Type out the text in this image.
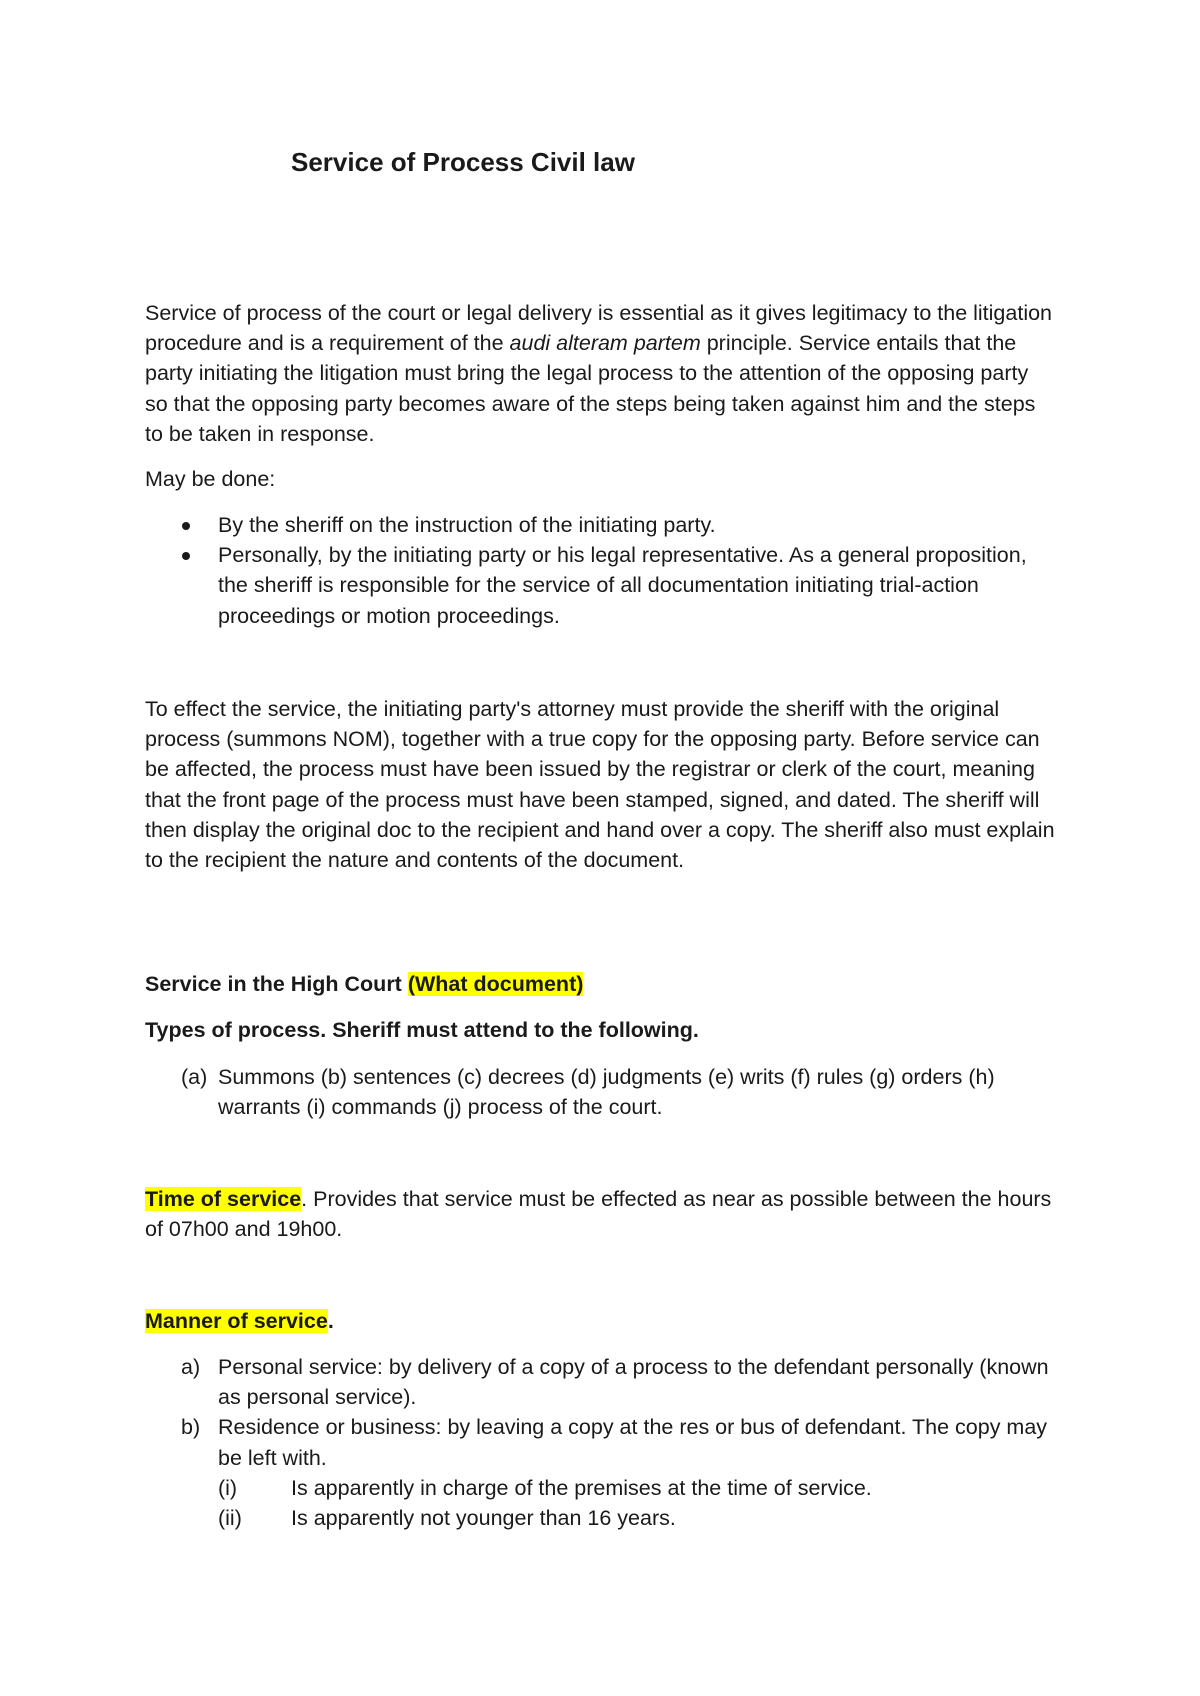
Service of Process Civil law

Service of process of the court or legal delivery is essential as it gives legitimacy to the litigation procedure and is a requirement of the audi alteram partem principle. Service entails that the party initiating the litigation must bring the legal process to the attention of the opposing party so that the opposing party becomes aware of the steps being taken against him and the steps to be taken in response.

May be done:

By the sheriff on the instruction of the initiating party.
Personally, by the initiating party or his legal representative. As a general proposition, the sheriff is responsible for the service of all documentation initiating trial-action proceedings or motion proceedings.

To effect the service, the initiating party's attorney must provide the sheriff with the original process (summons NOM), together with a true copy for the opposing party. Before service can be affected, the process must have been issued by the registrar or clerk of the court, meaning that the front page of the process must have been stamped, signed, and dated. The sheriff will then display the original doc to the recipient and hand over a copy. The sheriff also must explain to the recipient the nature and contents of the document.

Service in the High Court (What document)

Types of process. Sheriff must attend to the following.

(a) Summons (b) sentences (c) decrees (d) judgments (e) writs (f) rules (g) orders (h) warrants (i) commands (j) process of the court.

Time of service. Provides that service must be effected as near as possible between the hours of 07h00 and 19h00.

Manner of service.

a) Personal service: by delivery of a copy of a process to the defendant personally (known as personal service).
b) Residence or business: by leaving a copy at the res or bus of defendant. The copy may be left with.
(i)	Is apparently in charge of the premises at the time of service.
(ii) Is apparently not younger than 16 years.
